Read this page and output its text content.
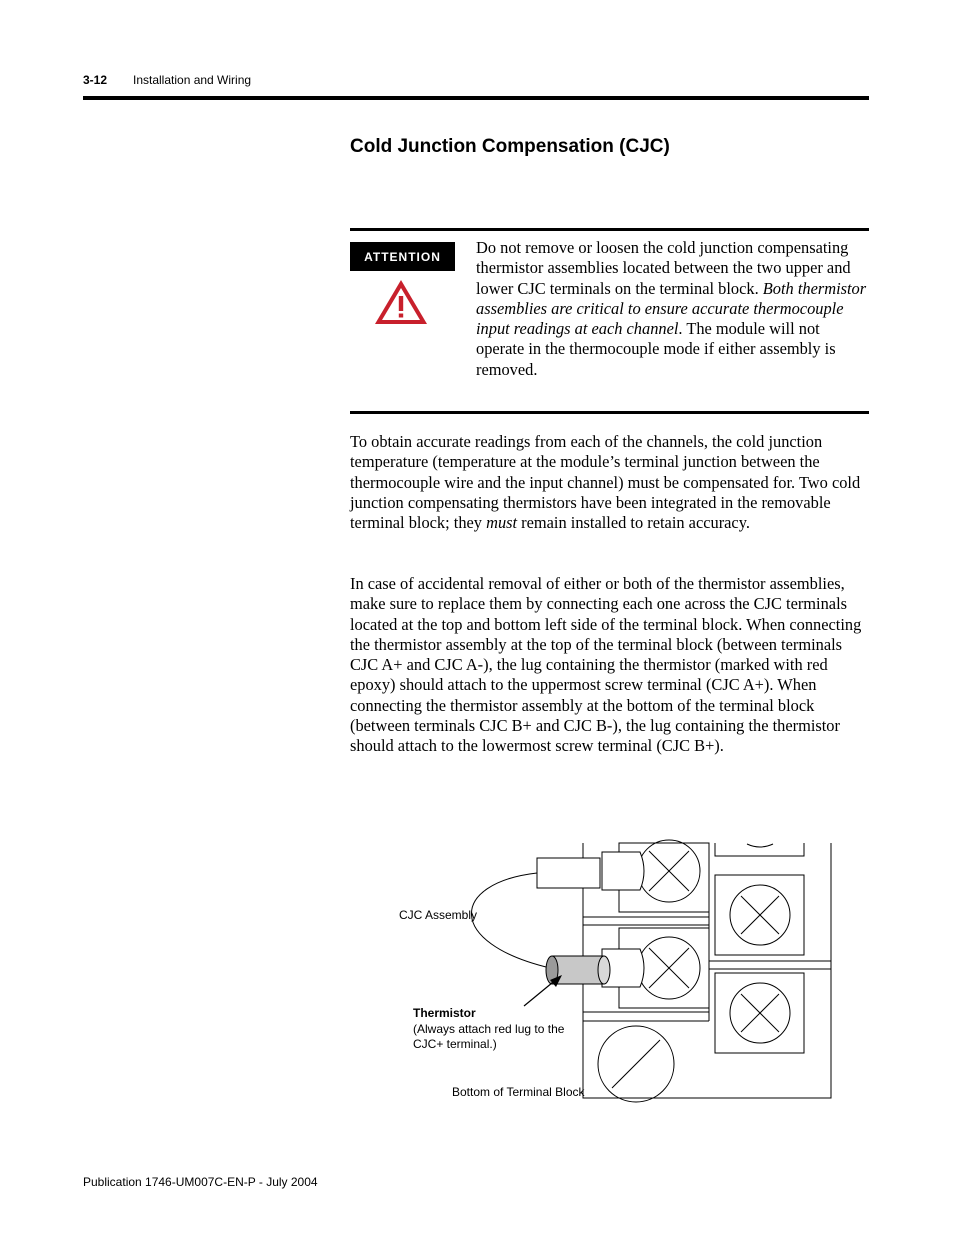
3-12 Installation and Wiring
Cold Junction Compensation (CJC)
ATTENTION	Do not remove or loosen the cold junction compensating thermistor assemblies located between the two upper and lower CJC terminals on the terminal block. Both thermistor assemblies are critical to ensure accurate thermocouple input readings at each channel. The module will not operate in the thermocouple mode if either assembly is removed.

To obtain accurate readings from each of the channels, the cold junction temperature (temperature at the module’s terminal junction between the thermocouple wire and the input channel) must be compensated for. Two cold junction compensating thermistors have been integrated in the removable terminal block; they must remain installed to retain accuracy.

In case of accidental removal of either or both of the thermistor assemblies, make sure to replace them by connecting each one across the CJC terminals located at the top and bottom left side of the terminal block. When connecting the thermistor assembly at the top of the terminal block (between terminals CJC A+ and CJC A-), the lug containing the thermistor (marked with red epoxy) should attach to the uppermost screw terminal (CJC A+). When connecting the thermistor assembly at the bottom of the terminal block (between terminals CJC B+ and CJC B-), the lug containing the thermistor should attach to the lowermost screw terminal (CJC B+).

CJC Assembly
Thermistor
(Always attach red lug to the
CJC+ terminal.)
Bottom of Terminal Block
Publication 1746-UM007C-EN-P - July 2004
